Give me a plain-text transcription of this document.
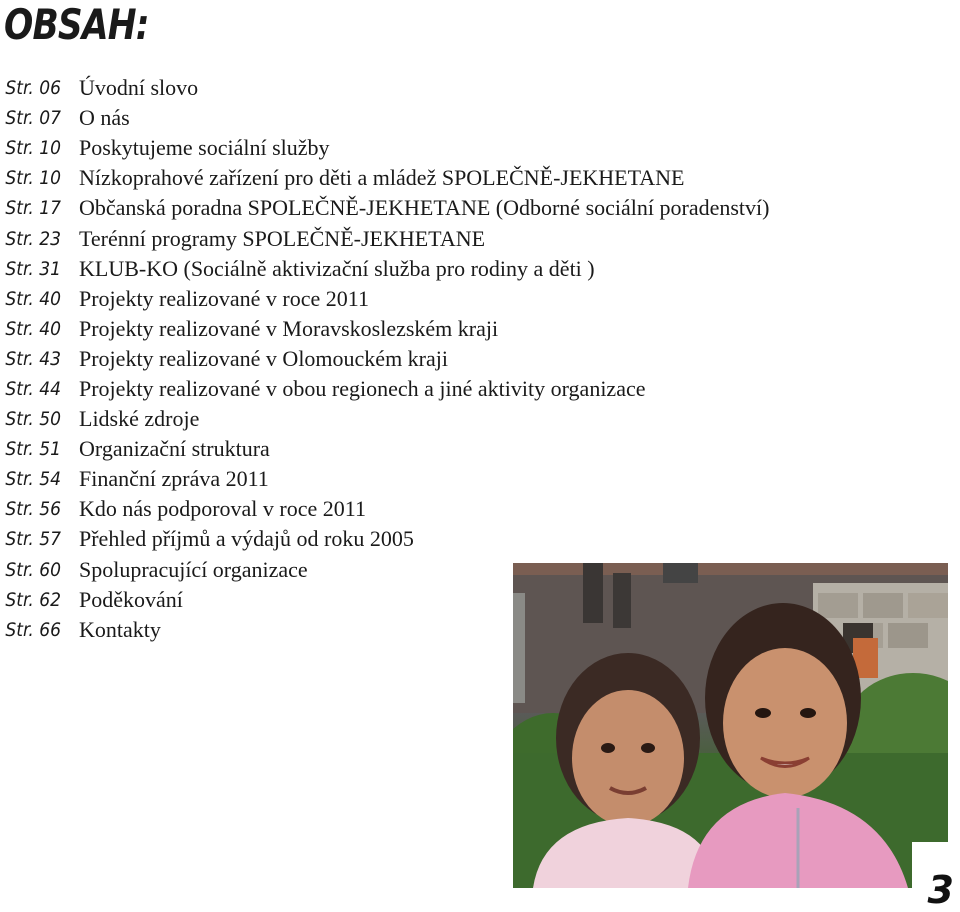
OBSAH:
Str. 06 Úvodní slovo
Str. 07 O nás
Str. 10 Poskytujeme sociální služby
Str. 10 Nízkoprahové zařízení pro děti a mládež SPOLEČNĚ-JEKHETANE
Str. 17 Občanská poradna SPOLEČNĚ-JEKHETANE (Odborné sociální poradenství)
Str. 23 Terénní programy SPOLEČNĚ-JEKHETANE
Str. 31 KLUB-KO (Sociálně aktivizační služba pro rodiny a děti )
Str. 40 Projekty realizované v roce 2011
Str. 40 Projekty realizované v Moravskoslezském kraji
Str. 43 Projekty realizované v Olomouckém kraji
Str. 44 Projekty realizované v obou regionech a jiné aktivity organizace
Str. 50 Lidské zdroje
Str. 51 Organizační struktura
Str. 54 Finanční zpráva 2011
Str. 56 Kdo nás podporoval v roce 2011
Str. 57 Přehled příjmů a výdajů od roku 2005
Str. 60 Spolupracující organizace
Str. 62 Poděkování
Str. 66 Kontakty
3
